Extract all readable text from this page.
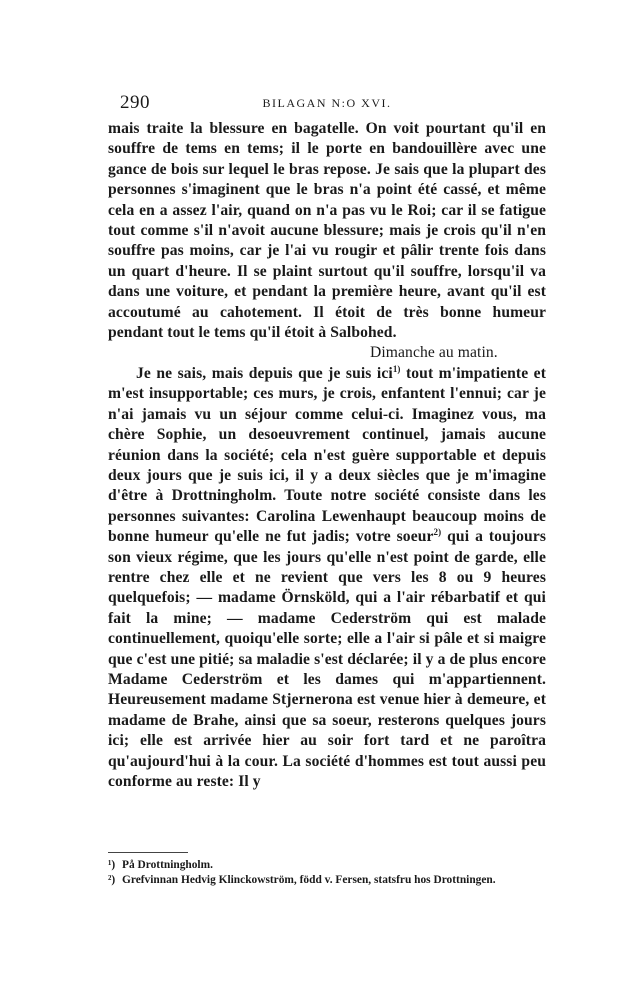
290	BILAGAN N:O XVI.

mais traite la blessure en bagatelle. On voit pourtant qu'il en souffre de tems en tems; il le porte en bandouillère avec une gance de bois sur lequel le bras repose. Je sais que la plupart des personnes s'imaginent que le bras n'a point été cassé, et même cela en a assez l'air, quand on n'a pas vu le Roi; car il se fatigue tout comme s'il n'avoit aucune blessure; mais je crois qu'il n'en souffre pas moins, car je l'ai vu rougir et pâlir trente fois dans un quart d'heure. Il se plaint surtout qu'il souffre, lorsqu'il va dans une voiture, et pendant la première heure, avant qu'il est accoutumé au cahotement. Il étoit de très bonne humeur pendant tout le tems qu'il étoit à Salbohed.

Dimanche au matin.

Je ne sais, mais depuis que je suis ici$^{1)}$ tout m'impatiente et m'est insupportable; ces murs, je crois, enfantent l'ennui; car je n'ai jamais vu un séjour comme celui-ci. Imaginez vous, ma chère Sophie, un desoeuvrement continuel, jamais aucune réunion dans la société; cela n'est guère supportable et depuis deux jours que je suis ici, il y a deux siècles que je m'imagine d'être à Drottningholm. Toute notre société consiste dans les personnes suivantes: Carolina Lewenhaupt beaucoup moins de bonne humeur qu'elle ne fut jadis; votre soeur$^{2)}$ qui a toujours son vieux régime, que les jours qu'elle n'est point de garde, elle rentre chez elle et ne revient que vers les 8 ou 9 heures quelquefois; — madame Örnsköld, qui a l'air rébarbatif et qui fait la mine; — madame Cederström qui est malade continuellement, quoiqu'elle sorte; elle a l'air si pâle et si maigre que c'est une pitié; sa maladie s'est déclarée; il y a de plus encore Madame Cederström et les dames qui m'appartiennent. Heureusement madame Stjernerona est venue hier à demeure, et madame de Brahe, ainsi que sa soeur, resterons quelques jours ici; elle est arrivée hier au soir fort tard et ne paroîtra qu'aujourd'hui à la cour. La société d'hommes est tout aussi peu conforme au reste: Il y

¹) På Drottningholm.

²) Grefvinnan Hedvig Klinckowström, född v. Fersen, statsfru hos Drottningen.
